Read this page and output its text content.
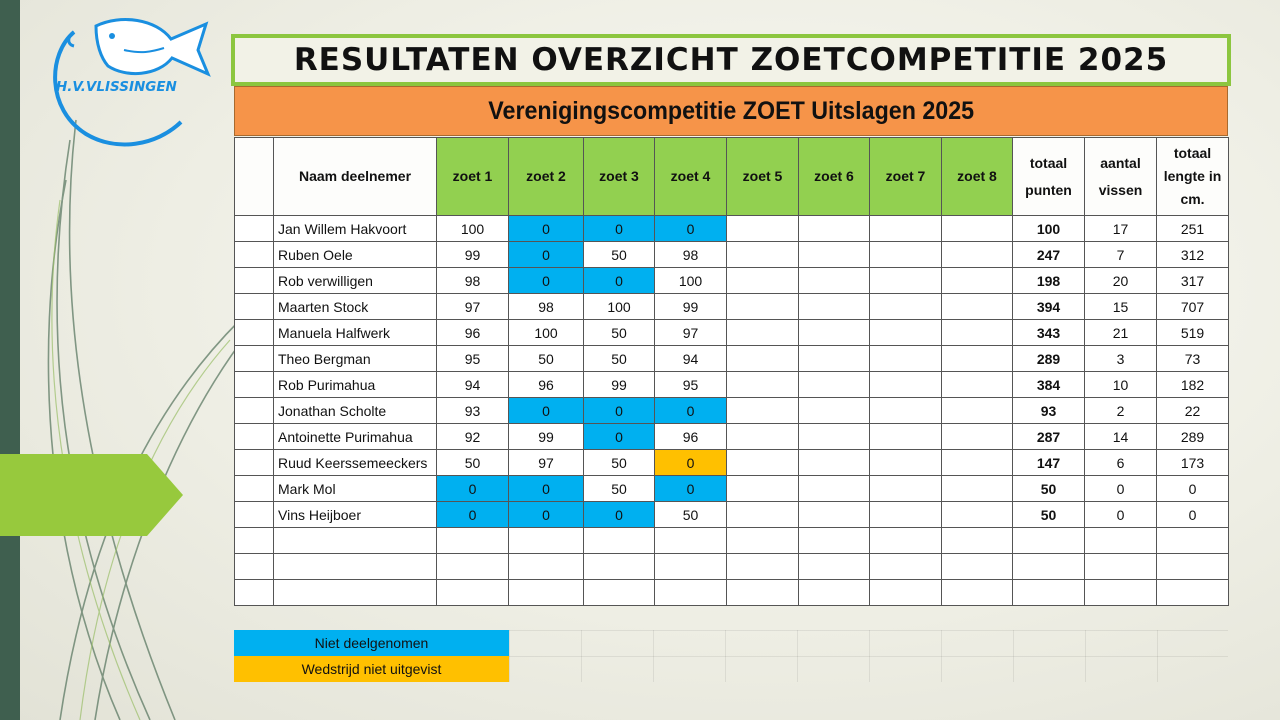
H.V.VLISSINGEN
RESULTATEN OVERZICHT ZOETCOMPETITIE 2025
Verenigingscompetitie ZOET Uitslagen 2025
	Naam deelnemer	zoet 1	zoet 2	zoet 3	zoet 4	zoet 5	zoet 6	zoet 7	zoet 8	totaal punten	aantal vissen	totaal lengte in cm.
	Jan Willem Hakvoort	100	0	0	0					100	17	251
	Ruben Oele	99	0	50	98					247	7	312
	Rob verwilligen	98	0	0	100					198	20	317
	Maarten Stock	97	98	100	99					394	15	707
	Manuela Halfwerk	96	100	50	97					343	21	519
	Theo Bergman	95	50	50	94					289	3	73
	Rob Purimahua	94	96	99	95					384	10	182
	Jonathan Scholte	93	0	0	0					93	2	22
	Antoinette Purimahua	92	99	0	96					287	14	289
	Ruud Keerssemeeckers	50	97	50	0					147	6	173
	Mark Mol	0	0	50	0					50	0	0
	Vins Heijboer	0	0	0	50					50	0	0

Niet deelgenomen
Wedstrijd niet uitgevist
